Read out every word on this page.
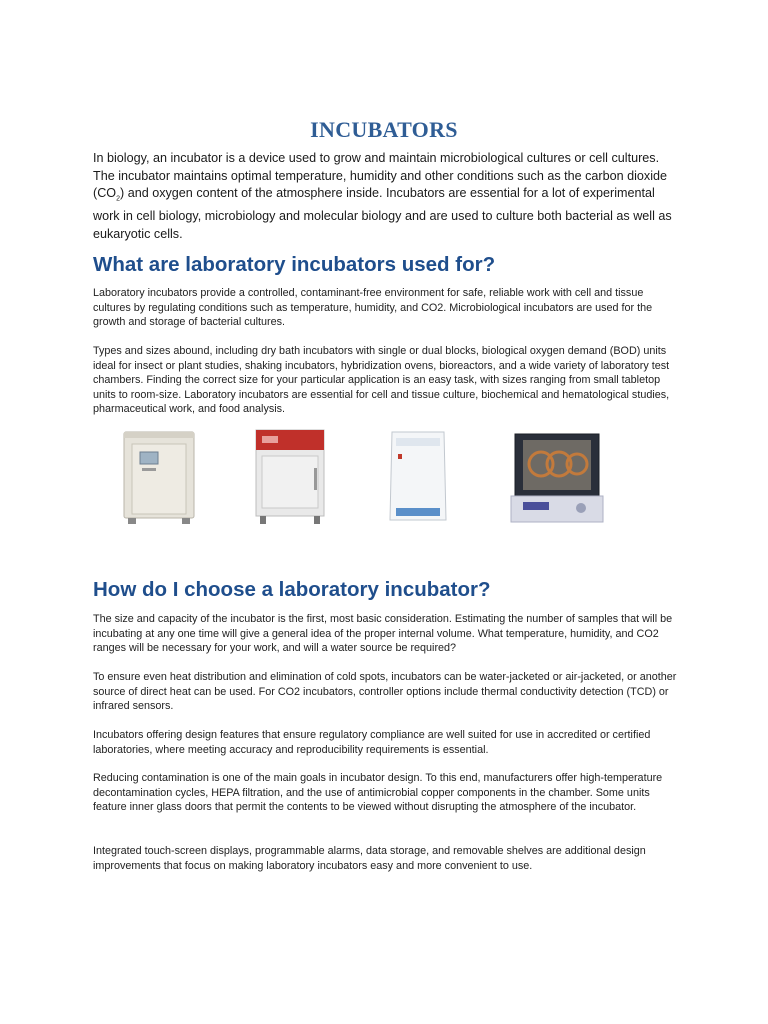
INCUBATORS

In biology, an incubator is a device used to grow and maintain microbiological cultures or cell cultures. The incubator maintains optimal temperature, humidity and other conditions such as the carbon dioxide $(CO_2)$ and oxygen content of the atmosphere inside. Incubators are essential for a lot of experimental work in cell biology, microbiology and molecular biology and are used to culture both bacterial as well as eukaryotic cells.

What are laboratory incubators used for?

Laboratory incubators provide a controlled, contaminant-free environment for safe, reliable work with cell and tissue cultures by regulating conditions such as temperature, humidity, and CO2. Microbiological incubators are used for the growth and storage of bacterial cultures.

Types and sizes abound, including dry bath incubators with single or dual blocks, biological oxygen demand (BOD) units ideal for insect or plant studies, shaking incubators, hybridization ovens, bioreactors, and a wide variety of laboratory test chambers. Finding the correct size for your particular application is an easy task, with sizes ranging from small tabletop units to room-size. Laboratory incubators are essential for cell and tissue culture, biochemical and hematological studies, pharmaceutical work, and food analysis.

How do I choose a laboratory incubator?

The size and capacity of the incubator is the first, most basic consideration. Estimating the number of samples that will be incubating at any one time will give a general idea of the proper internal volume. What temperature, humidity, and CO2 ranges will be necessary for your work, and will a water source be required?

To ensure even heat distribution and elimination of cold spots, incubators can be water-jacketed or air-jacketed, or another source of direct heat can be used. For CO2 incubators, controller options include thermal conductivity detection (TCD) or infrared sensors.

Incubators offering design features that ensure regulatory compliance are well suited for use in accredited or certified laboratories, where meeting accuracy and reproducibility requirements is essential.

Reducing contamination is one of the main goals in incubator design. To this end, manufacturers offer high-temperature decontamination cycles, HEPA filtration, and the use of antimicrobial copper components in the chamber. Some units feature inner glass doors that permit the contents to be viewed without disrupting the atmosphere of the incubator.

Integrated touch-screen displays, programmable alarms, data storage, and removable shelves are additional design improvements that focus on making laboratory incubators easy and more convenient to use.
